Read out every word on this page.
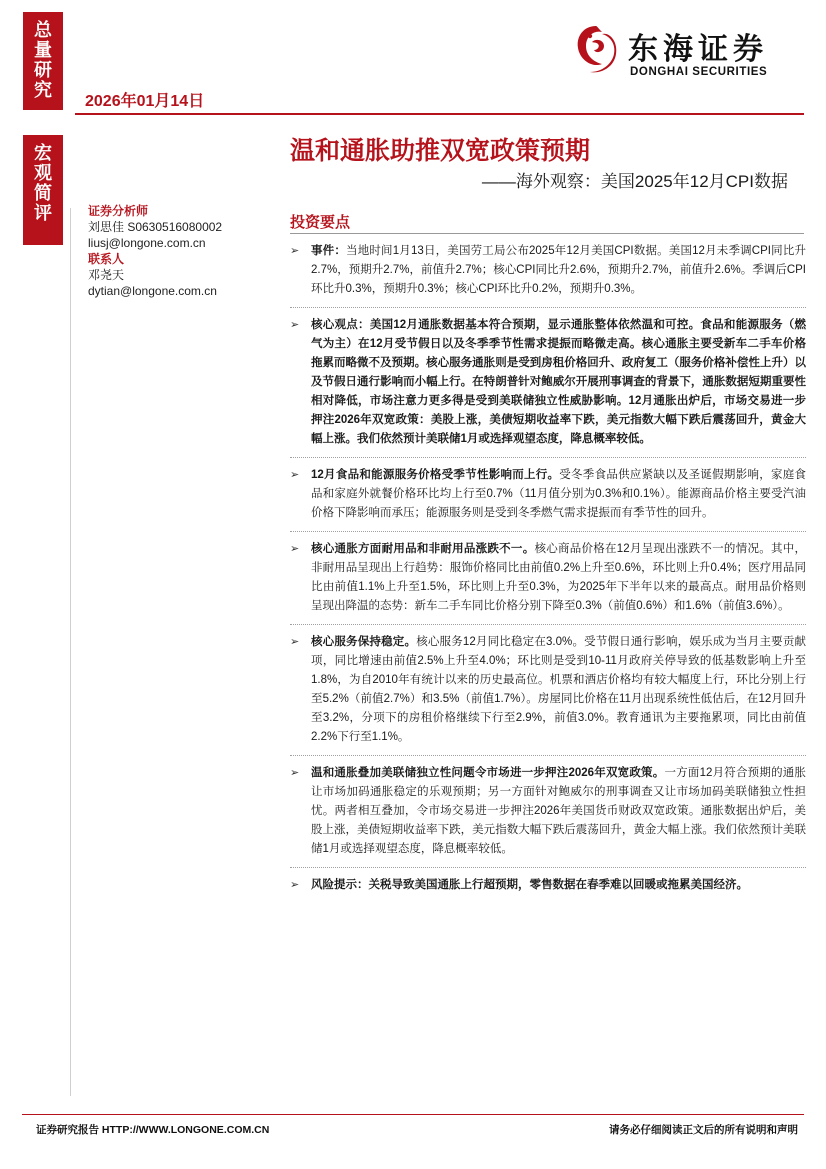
总
量
研
究
宏
观
简
评
2026年01月14日
东海证券
DONGHAI SECURITIES
温和通胀助推双宽政策预期
——海外观察：美国2025年12月CPI数据
证券分析师
刘思佳 S0630516080002
liusj@longone.com.cn
联系人
邓尧天
dytian@longone.com.cn
投资要点
➢ 事件：当地时间1月13日，美国劳工局公布2025年12月美国CPI数据。美国12月未季调CPI同比升2.7%，预期升2.7%，前值升2.7%；核心CPI同比升2.6%，预期升2.7%，前值升2.6%。季调后CPI环比升0.3%，预期升0.3%；核心CPI环比升0.2%，预期升0.3%。
➢ 核心观点：美国12月通胀数据基本符合预期，显示通胀整体依然温和可控。食品和能源服务（燃气为主）在12月受节假日以及冬季季节性需求提振而略微走高。核心通胀主要受新车二手车价格拖累而略微不及预期。核心服务通胀则是受到房租价格回升、政府复工（服务价格补偿性上升）以及节假日通行影响而小幅上行。在特朗普针对鲍威尔开展刑事调查的背景下，通胀数据短期重要性相对降低，市场注意力更多得是受到美联储独立性威胁影响。12月通胀出炉后，市场交易进一步押注2026年双宽政策：美股上涨，美债短期收益率下跌，美元指数大幅下跌后震荡回升，黄金大幅上涨。我们依然预计美联储1月或选择观望态度，降息概率较低。
➢ 12月食品和能源服务价格受季节性影响而上行。受冬季食品供应紧缺以及圣诞假期影响，家庭食品和家庭外就餐价格环比均上行至0.7%（11月值分别为0.3%和0.1%）。能源商品价格主要受汽油价格下降影响而承压；能源服务则是受到冬季燃气需求提振而有季节性的回升。
➢ 核心通胀方面耐用品和非耐用品涨跌不一。核心商品价格在12月呈现出涨跌不一的情况。其中，非耐用品呈现出上行趋势：服饰价格同比由前值0.2%上升至0.6%，环比则上升0.4%；医疗用品同比由前值1.1%上升至1.5%，环比则上升至0.3%，为2025年下半年以来的最高点。耐用品价格则呈现出降温的态势：新车二手车同比价格分别下降至0.3%（前值0.6%）和1.6%（前值3.6%）。
➢ 核心服务保持稳定。核心服务12月同比稳定在3.0%。受节假日通行影响，娱乐成为当月主要贡献项，同比增速由前值2.5%上升至4.0%；环比则是受到10-11月政府关停导致的低基数影响上升至1.8%，为自2010年有统计以来的历史最高位。机票和酒店价格均有较大幅度上行，环比分别上行至5.2%（前值2.7%）和3.5%（前值1.7%）。房屋同比价格在11月出现系统性低估后，在12月回升至3.2%，分项下的房租价格继续下行至2.9%，前值3.0%。教育通讯为主要拖累项，同比由前值2.2%下行至1.1%。
➢ 温和通胀叠加美联储独立性问题令市场进一步押注2026年双宽政策。一方面12月符合预期的通胀让市场加码通胀稳定的乐观预期；另一方面针对鲍威尔的刑事调查又让市场加码美联储独立性担忧。两者相互叠加，令市场交易进一步押注2026年美国货币财政双宽政策。通胀数据出炉后，美股上涨，美债短期收益率下跌，美元指数大幅下跌后震荡回升，黄金大幅上涨。我们依然预计美联储1月或选择观望态度，降息概率较低。
➢ 风险提示：关税导致美国通胀上行超预期，零售数据在春季难以回暖或拖累美国经济。
证券研究报告 HTTP://WWW.LONGONE.COM.CN	请务必仔细阅读正文后的所有说明和声明
